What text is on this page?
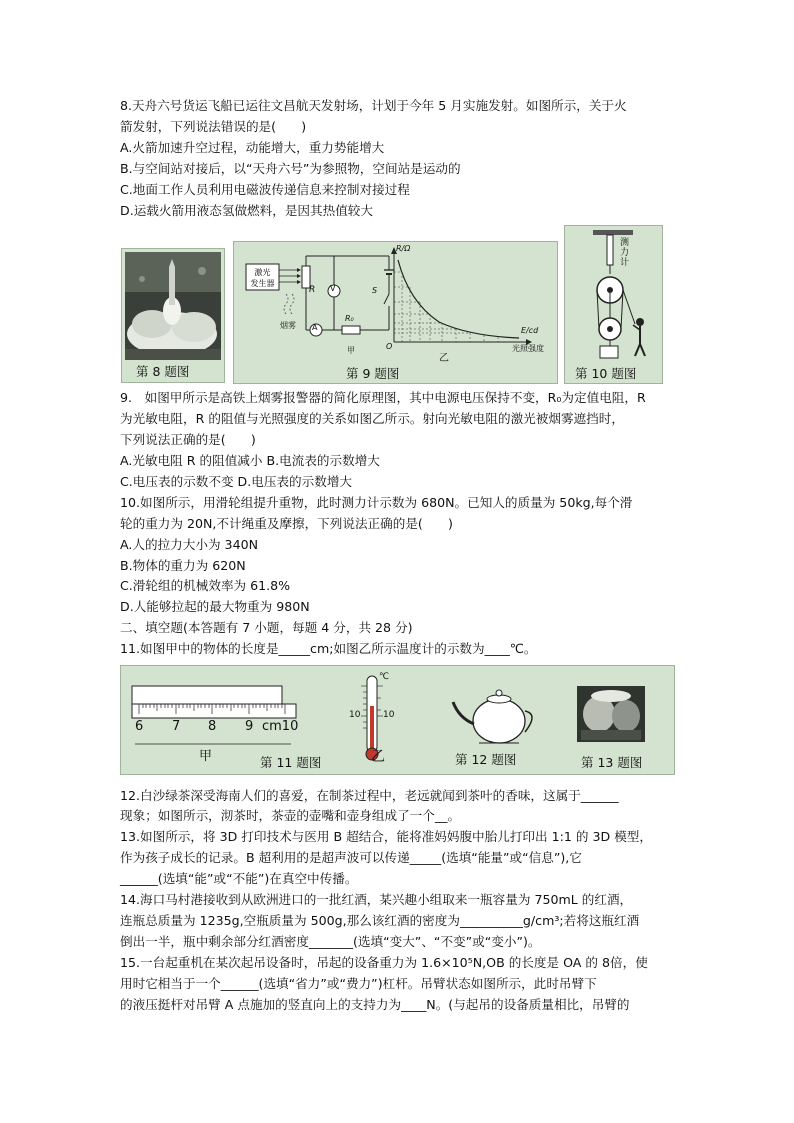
8.天舟六号货运飞船已运往文昌航天发射场，计划于今年 5 月实施发射。如图所示，关于火
箭发射，下列说法错误的是(　　)
A.火箭加速升空过程，动能增大，重力势能增大
B.与空间站对接后，以“天舟六号”为参照物，空间站是运动的
C.地面工作人员利用电磁波传递信息来控制对接过程
D.运载火箭用液态氢做燃料，是因其热值较大
第 8 题图
激光
发生器
R V
A
R₀
S
烟雾
甲
R/Ω
O
E/cd
光照强度
乙
第 9 题图
测力计
第 10 题图
9.　如图甲所示是高铁上烟雾报警器的简化原理图，其中电源电压保持不变，R₀为定值电阻，R
为光敏电阻，R 的阻值与光照强度的关系如图乙所示。射向光敏电阻的激光被烟雾遮挡时，
下列说法正确的是(　　)
A.光敏电阻 R 的阻值减小 B.电流表的示数增大
C.电压表的示数不变 D.电压表的示数增大
10.如图所示，用滑轮组提升重物，此时测力计示数为 680N。已知人的质量为 50kg,每个滑
轮的重力为 20N,不计绳重及摩擦，下列说法正确的是(　　)
A.人的拉力大小为 340N
B.物体的重力为 620N
C.滑轮组的机械效率为 61.8%
D.人能够拉起的最大物重为 980N
二、填空题(本答题有 7 小题，每题 4 分，共 28 分)
11.如图甲中的物体的长度是_____cm;如图乙所示温度计的示数为____℃。
6 7 8 9 cm10
甲
℃
10	10
乙
第 11 题图	第 12 题图	第 13 题图
12.白沙绿茶深受海南人们的喜爱，在制茶过程中，老远就闻到茶叶的香味，这属于______
现象；如图所示，沏茶时，茶壶的壶嘴和壶身组成了一个__。
13.如图所示，将 3D 打印技术与医用 B 超结合，能将准妈妈腹中胎儿打印出 1:1 的 3D 模型，
作为孩子成长的记录。B 超利用的是超声波可以传递_____(选填“能量”或“信息”),它
______(选填“能”或“不能”)在真空中传播。
14.海口马村港接收到从欧洲进口的一批红酒，某兴趣小组取来一瓶容量为 750mL 的红酒，
连瓶总质量为 1235g,空瓶质量为 500g,那么该红酒的密度为__________g/cm³;若将这瓶红酒
倒出一半，瓶中剩余部分红酒密度_______(选填“变大”、“不变”或“变小”)。
15.一台起重机在某次起吊设备时，吊起的设备重力为 1.6×10⁵N,OB 的长度是 OA 的 8倍，使
用时它相当于一个______(选填“省力”或“费力”)杠杆。吊臂状态如图所示，此时吊臂下
的液压挺杆对吊臂 A 点施加的竖直向上的支持力为____N。(与起吊的设备质量相比，吊臂的
